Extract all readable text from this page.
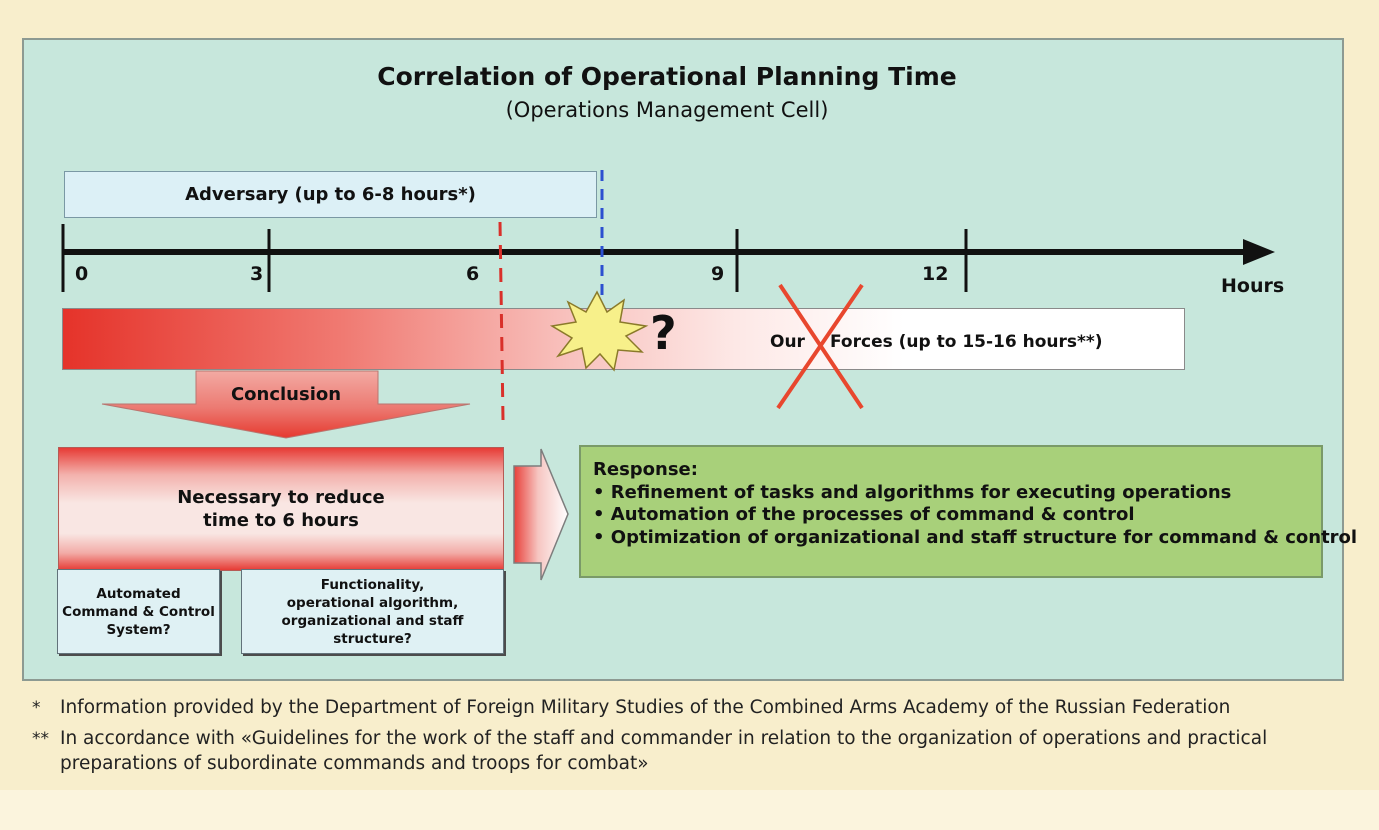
Correlation of Operational Planning Time
(Operations Management Cell)
Adversary (up to 6-8 hours*)
0	3	6	9	12
Hours
?	Our Forces (up to 15-16 hours**)
Conclusion
Necessary to reduce
time to 6 hours
Automated
Command & Control
System?
Functionality,
operational algorithm,
organizational and staff structure?
Response:
• Refinement of tasks and algorithms for executing operations
• Automation of the processes of command & control
• Optimization of organizational and staff structure for command & control
* Information provided by the Department of Foreign Military Studies of the Combined Arms Academy of the Russian Federation
** In accordance with «Guidelines for the work of the staff and commander in relation to the organization of operations and practical
preparations of subordinate commands and troops for combat»
